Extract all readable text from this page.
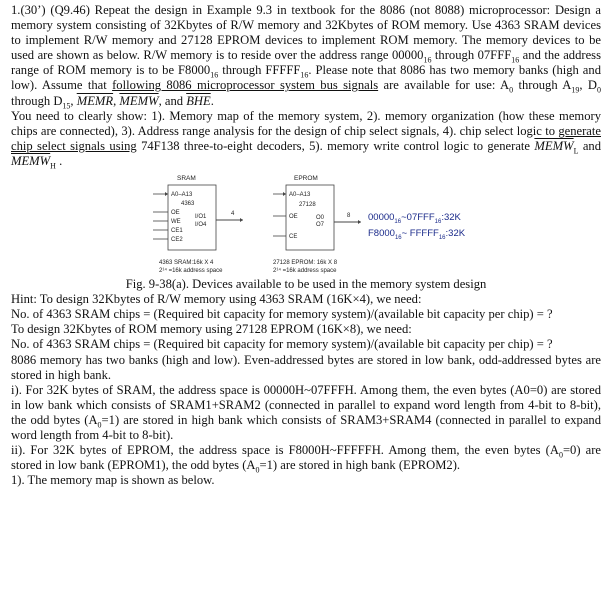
1.(30’) (Q9.46) Repeat the design in Example 9.3 in textbook for the 8086 (not 8088) microprocessor: Design a memory system consisting of 32Kbytes of R/W memory and 32Kbytes of ROM memory. Use 4363 SRAM devices to implement R/W memory and 27128 EPROM devices to implement ROM memory. The memory devices to be used are shown as below. R/W memory is to reside over the address range $00000_{16}$ through $07FFF_{16}$ and the address range of ROM memory is to be $F8000_{16}$ through $FFFFF_{16}$. Please note that 8086 has two memory banks (high and low). Assume that following 8086 microprocessor system bus signals are available for use: $A_0$ through $A_{19}$, $D_0$ through $D_{15}$, MEMR, MEMW, and $\overline{BHE}$.

You need to clearly show: 1). Memory map of the memory system, 2). memory organization (how these memory chips are connected), 3). Address range analysis for the design of chip select signals, 4). chip select logic to generate chip select signals using 74F138 three-to-eight decoders, 5). memory write control logic to generate $MEMW_L$ and $MEMW_H$ .

SRAM
A0–A13
4363
OE
WE
CE1
CE2
I/O1
I/O4
4
4363 SRAM:16k X 4
2¹⁴ =16k address space
EPROM
A0–A13
27128
OE
CE
O0
O7
8
27128 EPROM: 16k X 8
2¹⁴ =16k address space
$00000_{16}\sim 07FFF_{16}:32K$
$F8000_{16}\sim$ $FFFFF_{16}:32K$

Fig. 9-38(a). Devices available to be used in the memory system design

Hint: To design 32Kbytes of R/W memory using 4363 SRAM (16K×4), we need:

No. of 4363 SRAM chips = (Required bit capacity for memory system)/(available bit capacity per chip) = ?

To design 32Kbytes of ROM memory using 27128 EPROM (16K×8), we need:

No. of 4363 SRAM chips = (Required bit capacity for memory system)/(available bit capacity per chip) = ?

8086 memory has two banks (high and low). Even-addressed bytes are stored in low bank, odd-addressed bytes are stored in high bank.

i). For 32K bytes of SRAM, the address space is 00000H~07FFFH. Among them, the even bytes (A0=0) are stored in low bank which consists of SRAM1+SRAM2 (connected in parallel to expand word length from 4-bit to 8-bit), the odd bytes $(A_0=1)$ are stored in high bank which consists of SRAM3+SRAM4 (connected in parallel to expand word length from 4-bit to 8-bit).

ii). For 32K bytes of EPROM, the address space is F8000H~FFFFFH. Among them, the even bytes $(A_0=0)$ are stored in low bank (EPROM1), the odd bytes $(A_0=1)$ are stored in high bank (EPROM2).

1). The memory map is shown as below.
